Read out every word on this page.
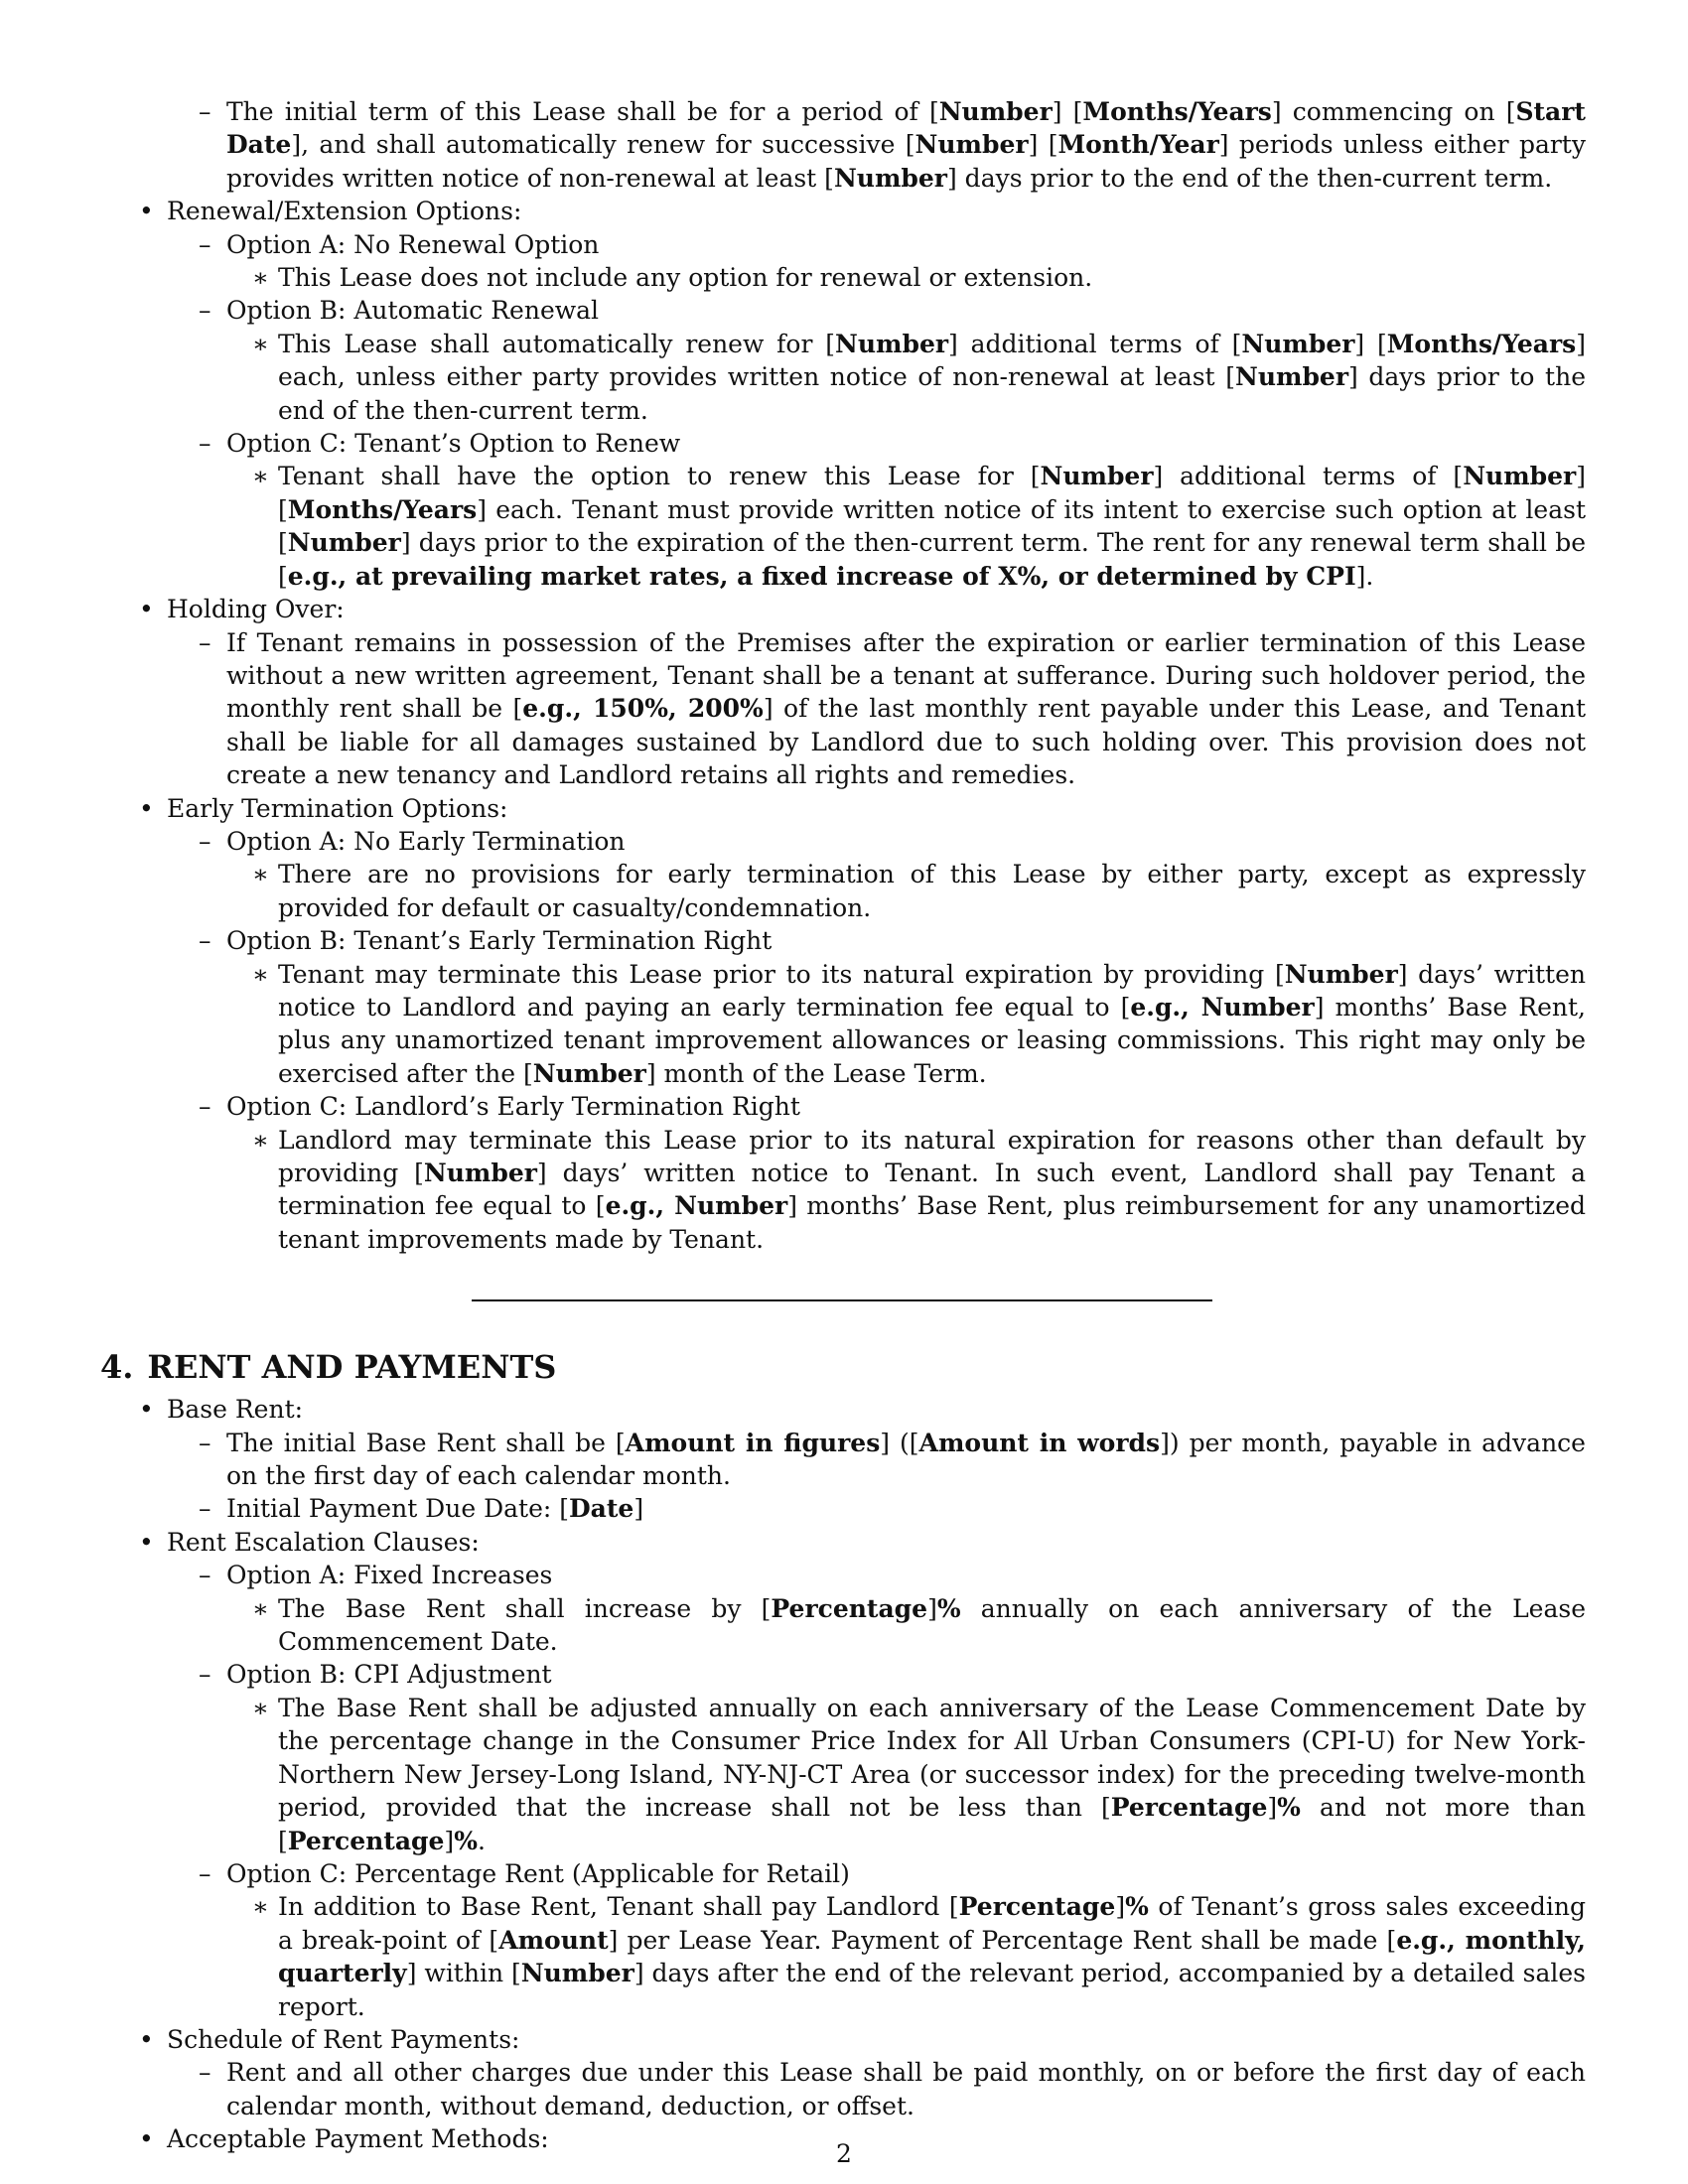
– The initial term of this Lease shall be for a period of [Number] [Months/Years] commencing on [Start Date], and shall automatically renew for successive [Number] [Month/Year] periods unless either party provides written notice of non-renewal at least [Number] days prior to the end of the then-current term.
• Renewal/Extension Options:
– Option A: No Renewal Option
∗ This Lease does not include any option for renewal or extension.
– Option B: Automatic Renewal
∗ This Lease shall automatically renew for [Number] additional terms of [Number] [Months/Years] each, unless either party provides written notice of non-renewal at least [Number] days prior to the end of the then-current term.
– Option C: Tenant’s Option to Renew
∗ Tenant shall have the option to renew this Lease for [Number] additional terms of [Number] [Months/Years] each. Tenant must provide written notice of its intent to exercise such option at least [Number] days prior to the expiration of the then-current term. The rent for any renewal term shall be [e.g., at prevailing market rates, a fixed increase of X%, or determined by CPI].
• Holding Over:
– If Tenant remains in possession of the Premises after the expiration or earlier termination of this Lease without a new written agreement, Tenant shall be a tenant at sufferance. During such holdover period, the monthly rent shall be [e.g., 150%, 200%] of the last monthly rent payable under this Lease, and Tenant shall be liable for all damages sustained by Landlord due to such holding over. This provision does not create a new tenancy and Landlord retains all rights and remedies.
• Early Termination Options:
– Option A: No Early Termination
∗ There are no provisions for early termination of this Lease by either party, except as expressly provided for default or casualty/condemnation.
– Option B: Tenant’s Early Termination Right
∗ Tenant may terminate this Lease prior to its natural expiration by providing [Number] days’ written notice to Landlord and paying an early termination fee equal to [e.g., Number] months’ Base Rent, plus any unamortized tenant improvement allowances or leasing commissions. This right may only be exercised after the [Number] month of the Lease Term.
– Option C: Landlord’s Early Termination Right
∗ Landlord may terminate this Lease prior to its natural expiration for reasons other than default by providing [Number] days’ written notice to Tenant. In such event, Landlord shall pay Tenant a termination fee equal to [e.g., Number] months’ Base Rent, plus reimbursement for any unamortized tenant improvements made by Tenant.
4. RENT AND PAYMENTS
• Base Rent:
– The initial Base Rent shall be [Amount in figures] ([Amount in words]) per month, payable in advance on the first day of each calendar month.
– Initial Payment Due Date: [Date]
• Rent Escalation Clauses:
– Option A: Fixed Increases
∗ The Base Rent shall increase by [Percentage]% annually on each anniversary of the Lease Commencement Date.
– Option B: CPI Adjustment
∗ The Base Rent shall be adjusted annually on each anniversary of the Lease Commencement Date by the percentage change in the Consumer Price Index for All Urban Consumers (CPI-U) for New York-Northern New Jersey-Long Island, NY-NJ-CT Area (or successor index) for the preceding twelve-month period, provided that the increase shall not be less than [Percentage]% and not more than [Percentage]%.
– Option C: Percentage Rent (Applicable for Retail)
∗ In addition to Base Rent, Tenant shall pay Landlord [Percentage]% of Tenant’s gross sales exceeding a break-point of [Amount] per Lease Year. Payment of Percentage Rent shall be made [e.g., monthly, quarterly] within [Number] days after the end of the relevant period, accompanied by a detailed sales report.
• Schedule of Rent Payments:
– Rent and all other charges due under this Lease shall be paid monthly, on or before the first day of each calendar month, without demand, deduction, or offset.
• Acceptable Payment Methods:
2
